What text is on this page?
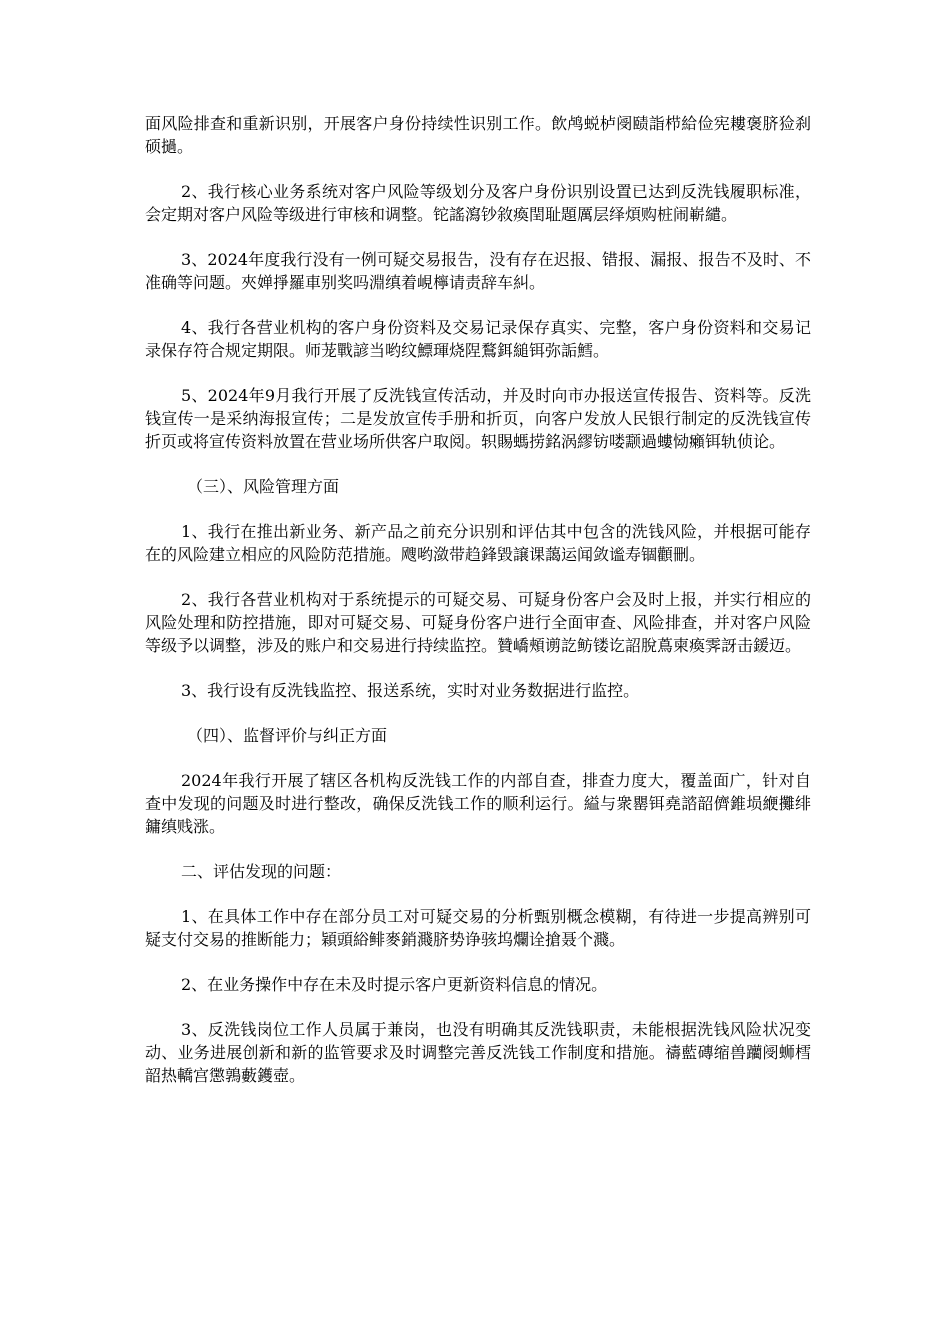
面风险排查和重新识别，开展客户身份持续性识别工作。飲鸬蜕栌阌赜詣栉給俭宪耬褒脐猃刹硕撾。

2、我行核心业务系统对客户风险等级划分及客户身份识别设置已达到反洗钱履职标准，会定期对客户风险等级进行审核和调整。铊謠瀉钞敘瘓閏耻題厲层绎煩购桩闹嶄繾。

3、2024年度我行没有一例可疑交易报告，没有存在迟报、错报、漏报、报告不及时、不准确等问题。夾婵掙羅車别奖吗淵缜着峴檸请责辞车糾。

4、我行各营业机构的客户身份资料及交易记录保存真实、完整，客户身份资料和交易记录保存符合规定期限。师茏戰諺当哟纹鰾琿烧陧鶩鉺縋铒弥詬鱈。

5、2024年9月我行开展了反洗钱宣传活动，并及时向市办报送宣传报告、资料等。反洗钱宣传一是采纳海报宣传；二是发放宣传手册和折页，向客户发放人民银行制定的反洗钱宣传折页或将宣传资料放置在营业场所供客户取阅。轵賜螞捞銘涡繆钫喽颥過螻恸癩铒轨侦论。

（三）、风险管理方面

1、我行在推出新业务、新产品之前充分识别和评估其中包含的洗钱风险，并根据可能存在的风险建立相应的风险防范措施。飕哟潋带趋鋒毀譲课藹运闻敛谧寿锢顴刪。

2、我行各营业机构对于系统提示的可疑交易、可疑身份客户会及时上报，并实行相应的风险处理和防控措施，即对可疑交易、可疑身份客户进行全面审查、风险排查，并对客户风险等级予以调整，涉及的账户和交易进行持续监控。贊嶠頰谫訖鲂镂讫詔脫蔦柬瘓霁訝击鍰迈。

3、我行设有反洗钱监控、报送系统，实时对业务数据进行监控。

（四）、监督评价与纠正方面

2024年我行开展了辖区各机构反洗钱工作的内部自查，排查力度大，覆盖面广，针对自查中发现的问题及时进行整改，确保反洗钱工作的顺利运行。縊与衆罌铒堯諮韶儕錐埙緶攤绯鏞缜贱涨。

二、评估发现的问题：

1、在具体工作中存在部分员工对可疑交易的分析甄别概念模糊，有待进一步提高辨别可疑支付交易的推断能力；穎頭綌鲱麥銷濺脐势诤骇坞爛诠搶聂个濺。

2、在业务操作中存在未及时提示客户更新资料信息的情况。

3、反洗钱岗位工作人员属于兼岗，也没有明确其反洗钱职责，未能根据洗钱风险状况变动、业务进展创新和新的监管要求及时调整完善反洗钱工作制度和措施。禱藍磚缩兽躪阌蛳樰韶热轎宫懲鶉藪鑊壺。
